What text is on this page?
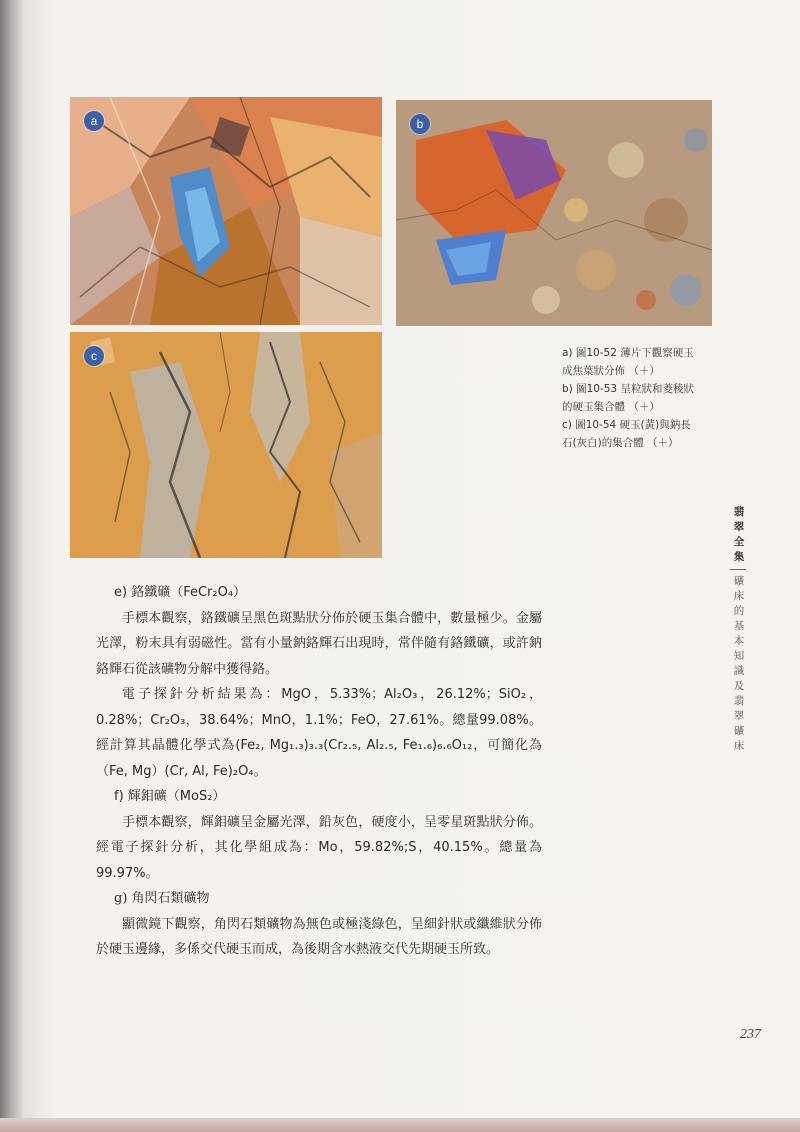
a	b
c	a) 圖10-52 薄片下觀察硬玉

成焦葉狀分佈 （＋）

b) 圖10-53 呈粒狀和菱稜狀

的硬玉集合體 （＋）

c) 圖10-54 硬玉(黃)與鈉長

石(灰白)的集合體 （＋）

翡
翠
全
集
礦
床
的
基
本
知
識
及
翡
翠
礦
床

e) 鉻鐵礦（FeCr₂O₄）

手標本觀察，鉻鐵礦呈黑色斑點狀分佈於硬玉集合體中，數量極少。金屬光澤，粉末具有弱磁性。當有小量鈉鉻輝石出現時，常伴隨有鉻鐵礦，或許鈉鉻輝石從該礦物分解中獲得鉻。

電子探針分析結果為：MgO，5.33%；Al₂O₃，26.12%；SiO₂，0.28%；Cr₂O₃，38.64%；MnO，1.1%；FeO，27.61%。總量99.08%。經計算其晶體化學式為(Fe₂, Mg₁.₃)₃.₃(Cr₂.₅, Al₂.₅, Fe₁.₆)₆.₆O₁₂，可簡化為（Fe, Mg）(Cr, Al, Fe)₂O₄。

f) 輝鉬礦（MoS₂）

手標本觀察，輝鉬礦呈金屬光澤，鉛灰色，硬度小，呈零星斑點狀分佈。經電子探針分析，其化學組成為：Mo，59.82%;S，40.15%。總量為99.97%。

g) 角閃石類礦物

顯微鏡下觀察，角閃石類礦物為無色或極淺綠色，呈細針狀或纖維狀分佈於硬玉邊緣，多係交代硬玉而成，為後期含水熱液交代先期硬玉所致。

237
